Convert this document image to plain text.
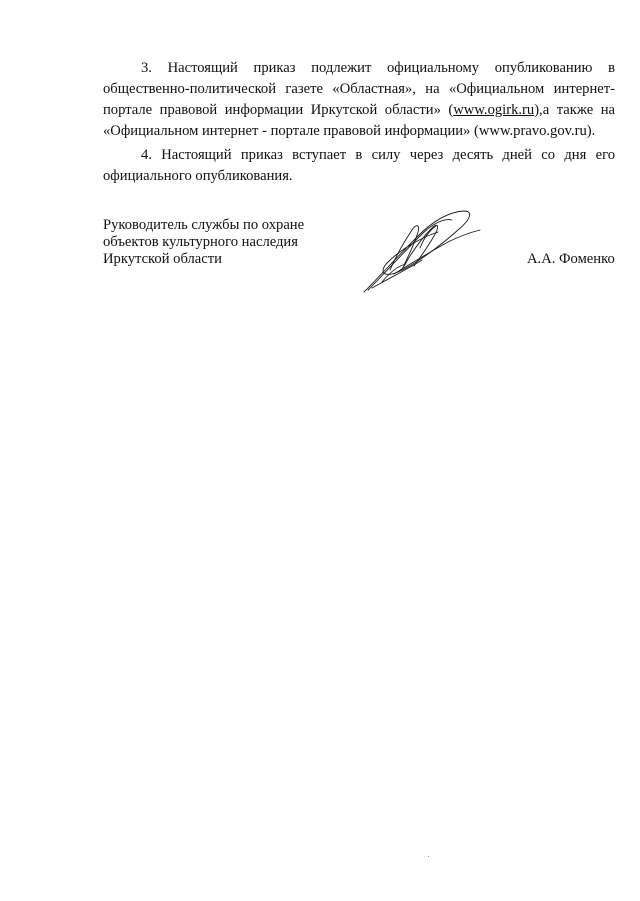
3. Настоящий приказ подлежит официальному опубликованию в общественно-политической газете «Областная», на «Официальном интернет-портале правовой информации Иркутской области» (www.ogirk.ru),а также на «Официальном интернет - портале правовой информации» (www.pravo.gov.ru).

4. Настоящий приказ вступает в силу через десять дней со дня его официального опубликования.

Руководитель службы по охране
объектов культурного наследия
Иркутской области	А.А. Фоменко
